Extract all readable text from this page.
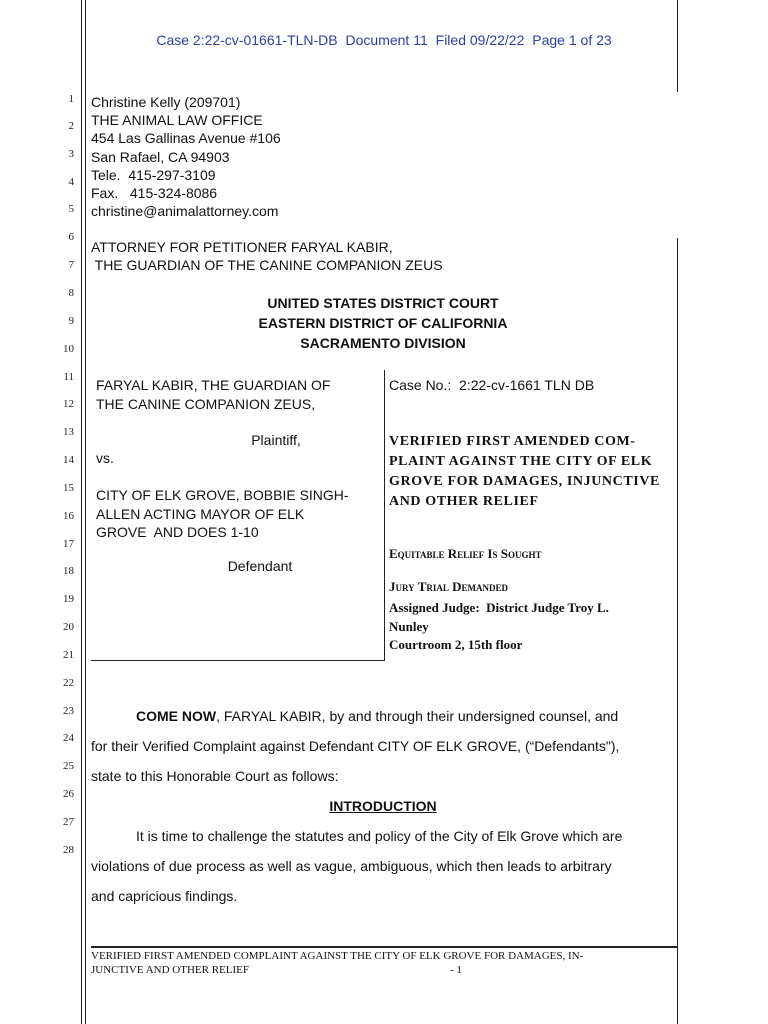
Case 2:22-cv-01661-TLN-DB Document 11 Filed 09/22/22 Page 1 of 23
1
2
3
4
5
6
7
8
9
10
11
12
13
14
15
16
17
18
19
20
21
22
23
24
25
26
27
28
Christine Kelly (209701)
THE ANIMAL LAW OFFICE
454 Las Gallinas Avenue #106
San Rafael, CA 94903
Tele.  415-297-3109
Fax.   415-324-8086
christine@animalattorney.com
ATTORNEY FOR PETITIONER FARYAL KABIR,
THE GUARDIAN OF THE CANINE COMPANION ZEUS
UNITED STATES DISTRICT COURT
EASTERN DISTRICT OF CALIFORNIA
SACRAMENTO DIVISION
FARYAL KABIR, THE GUARDIAN OF
THE CANINE COMPANION ZEUS,
Plaintiff,
vs.
CITY OF ELK GROVE, BOBBIE SINGH-
ALLEN ACTING MAYOR OF ELK
GROVE  AND DOES 1-10
Defendant
Case No.:  2:22-cv-1661 TLN DB
VERIFIED FIRST AMENDED COM-
PLAINT AGAINST THE CITY OF ELK
GROVE FOR DAMAGES, INJUNCTIVE
AND OTHER RELIEF
Equitable Relief Is Sought
Jury Trial Demanded
Assigned Judge:  District Judge Troy L.
Nunley
Courtroom 2, 15th floor
COME NOW, FARYAL KABIR, by and through their undersigned counsel, and
for their Verified Complaint against Defendant CITY OF ELK GROVE, (“Defendants"),
state to this Honorable Court as follows:
INTRODUCTION
It is time to challenge the statutes and policy of the City of Elk Grove which are
violations of due process as well as vague, ambiguous, which then leads to arbitrary
and capricious findings.
VERIFIED FIRST AMENDED COMPLAINT AGAINST THE CITY OF ELK GROVE FOR DAMAGES, IN-
JUNCTIVE AND OTHER RELIEF	- 1
